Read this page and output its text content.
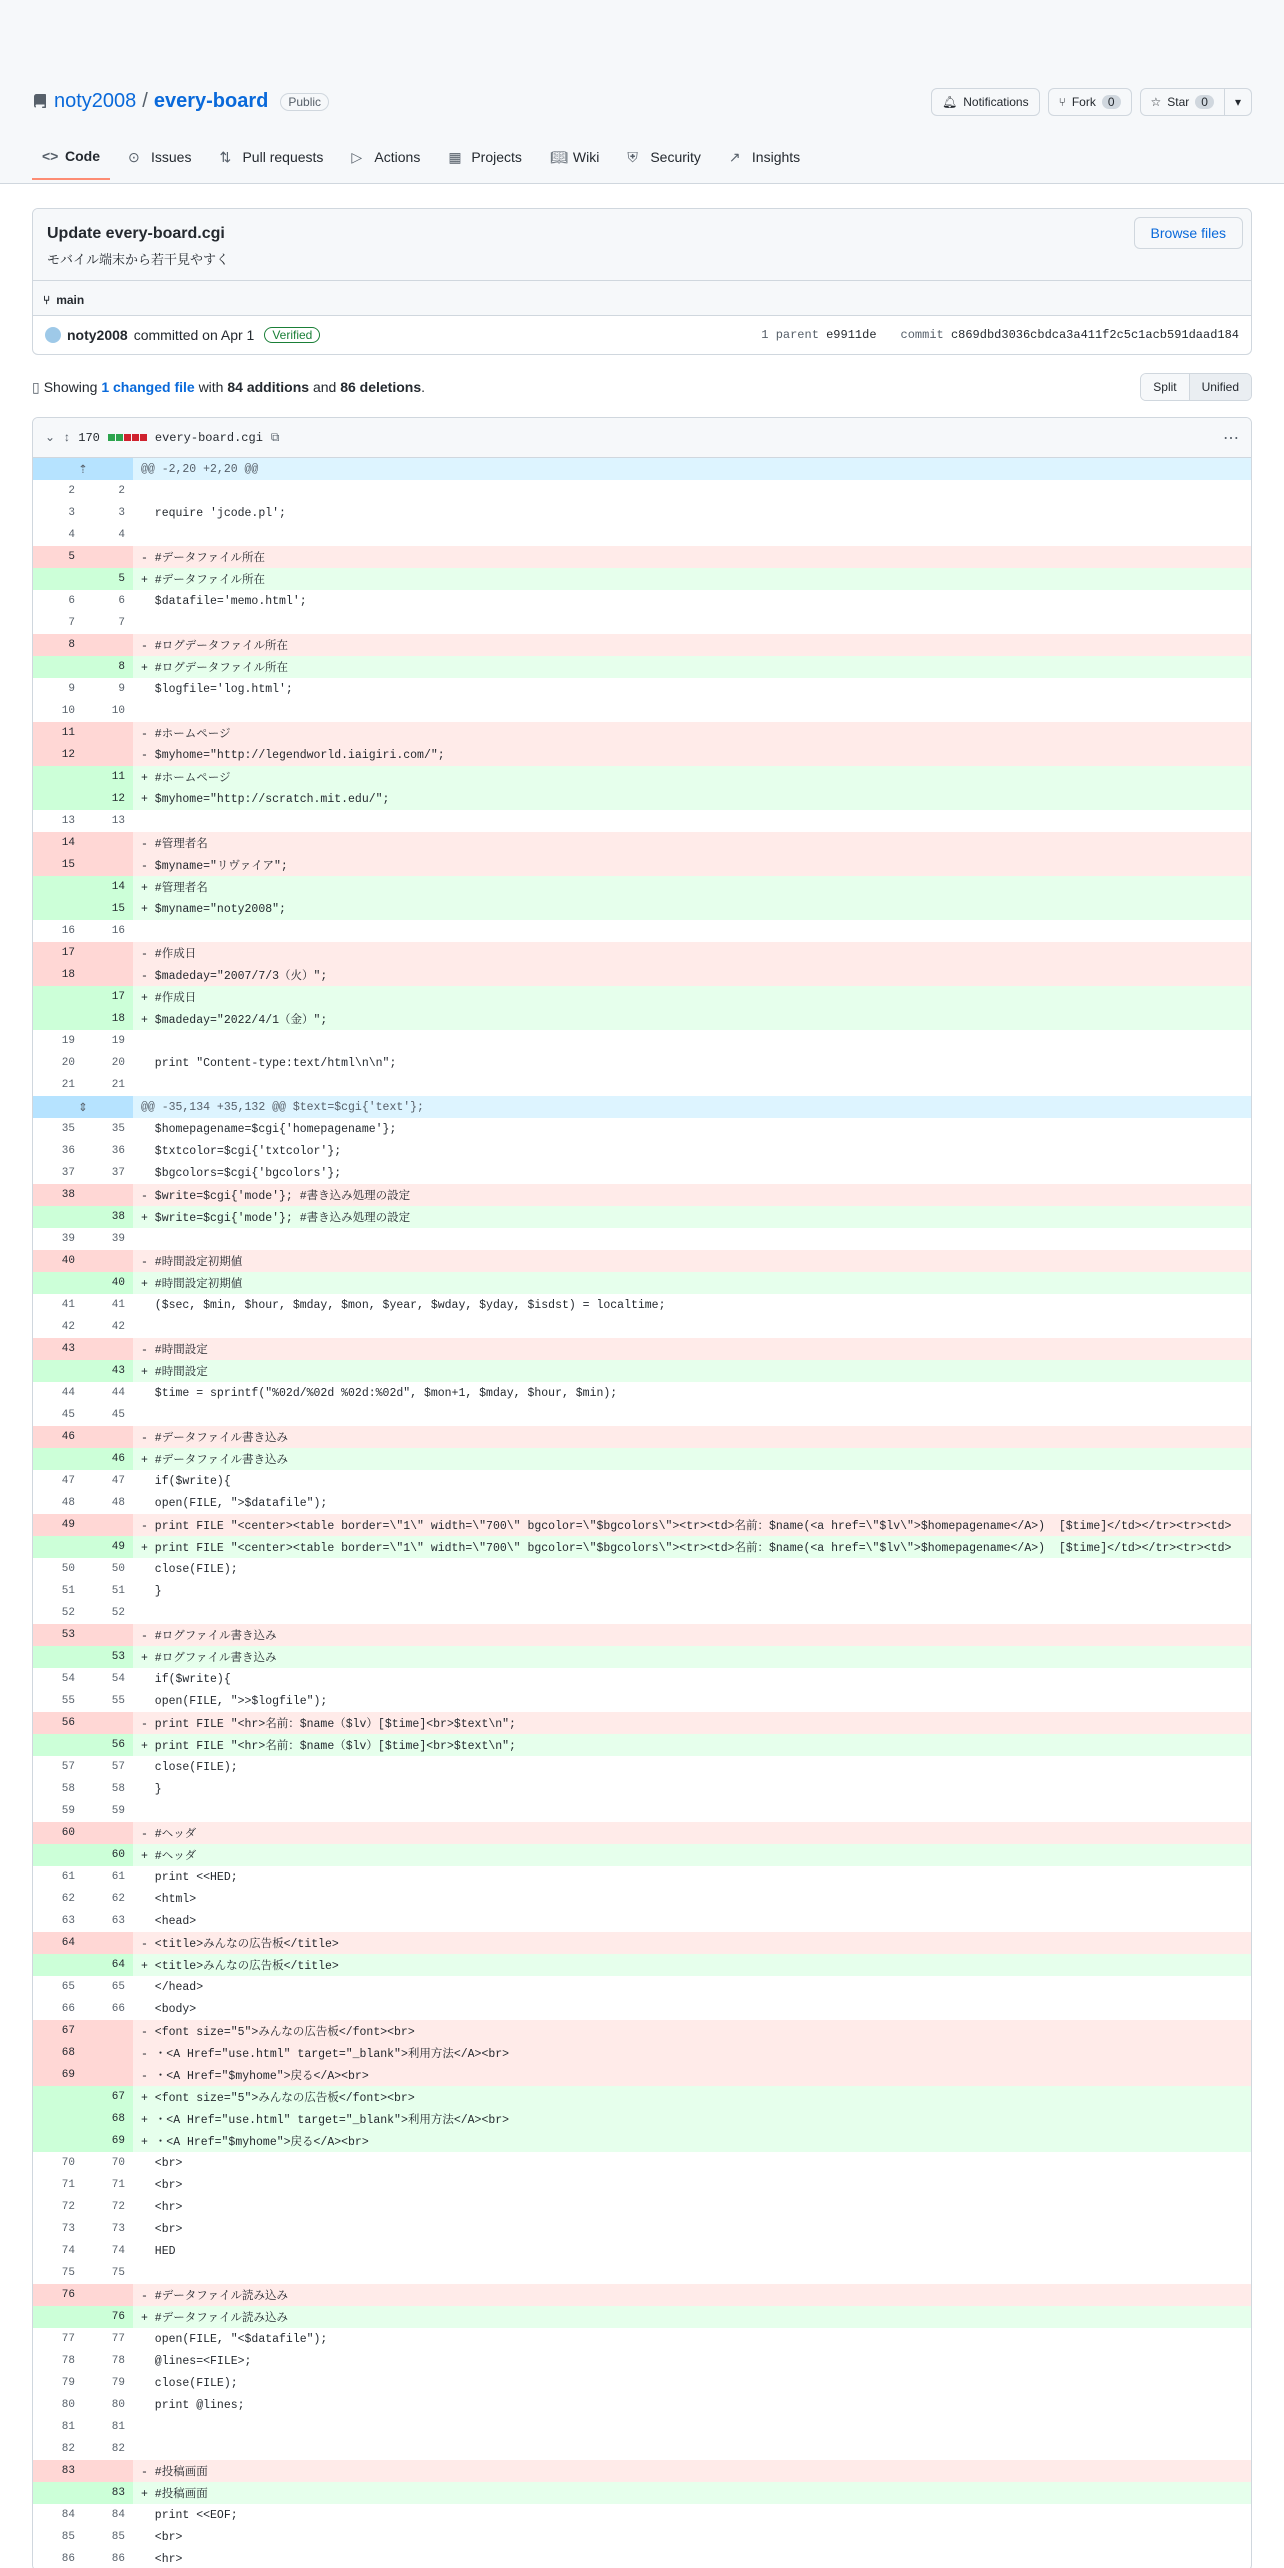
noty2008 / every-board	Public	🔔︎ Notifications	⑂ Fork	0	☆ Star	0	▾
<> Code ⊙ Issues ⇅ Pull requests ▷ Actions ▦ Projects 📖︎ Wiki ⛨ Security ↗ Insights
Update every-board.cgi
モバイル端末から若干見やすく
Browse files
⑂ main
noty2008 committed on Apr 1	Verified	1 parent e9911de commit c869dbd3036cbdca3a411f2c5c1acb591daad184
▯ Showing
1 changed file
with
84 additions
and
86 deletions .	Split	Unified
⌄ ↕ 170	every-board.cgi ⧉	⋯
⇡		@@ -2,20 +2,20 @@
2	2	
3	3	require 'jcode.pl';
4	4	
5		- #データファイル所在
	5	+ #データファイル所在
6	6	$datafile='memo.html';
7	7	
8		- #ログデータファイル所在
	8	+ #ログデータファイル所在
9	9	$logfile='log.html';
10	10	
11		- #ホームページ
12		- $myhome="http://legendworld.iaigiri.com/";
	11	+ #ホームページ
	12	+ $myhome="http://scratch.mit.edu/";
13	13	
14		- #管理者名
15		- $myname="リヴァイア";
	14	+ #管理者名
	15	+ $myname="noty2008";
16	16	
17		- #作成日
18		- $madeday="2007/7/3（火）";
	17	+ #作成日
	18	+ $madeday="2022/4/1（金）";
19	19	
20	20	print "Content-type:text/html\n\n";
21	21	
⇕		@@ -35,134 +35,132 @@ $text=$cgi{'text'};
35	35	$homepagename=$cgi{'homepagename'};
36	36	$txtcolor=$cgi{'txtcolor'};
37	37	$bgcolors=$cgi{'bgcolors'};
38		- $write=$cgi{'mode'}; #書き込み処理の設定
	38	+ $write=$cgi{'mode'}; #書き込み処理の設定
39	39	
40		- #時間設定初期値
	40	+ #時間設定初期値
41	41	($sec, $min, $hour, $mday, $mon, $year, $wday, $yday, $isdst) = localtime;
42	42	
43		- #時間設定
	43	+ #時間設定
44	44	$time = sprintf("%02d/%02d %02d:%02d", $mon+1, $mday, $hour, $min);
45	45	
46		- #データファイル書き込み
	46	+ #データファイル書き込み
47	47	if($write){
48	48	open(FILE, ">$datafile");
49		- print FILE "<center><table border=\"1\" width=\"700\" bgcolor=\"$bgcolors\"><tr><td>名前：$name(<a href=\"$lv\">$homepagename</A>)  [$time]</td></tr><tr><td>
	49	+ print FILE "<center><table border=\"1\" width=\"700\" bgcolor=\"$bgcolors\"><tr><td>名前：$name(<a href=\"$lv\">$homepagename</A>)  [$time]</td></tr><tr><td>
50	50	close(FILE);
51	51	}
52	52	
53		- #ログファイル書き込み
	53	+ #ログファイル書き込み
54	54	if($write){
55	55	open(FILE, ">>$logfile");
56		- print FILE "<hr>名前：$name（$lv）[$time]<br>$text\n";
	56	+ print FILE "<hr>名前：$name（$lv）[$time]<br>$text\n";
57	57	close(FILE);
58	58	}
59	59	
60		- #ヘッダ
	60	+ #ヘッダ
61	61	print <<HED;
62	62	<html>
63	63	<head>
64		- <title>みんなの広告板</title>
	64	+ <title>みんなの広告板</title>
65	65	</head>
66	66	<body>
67		- <font size="5">みんなの広告板</font><br>
68		- ・<A Href="use.html" target="_blank">利用方法</A><br>
69		- ・<A Href="$myhome">戻る</A><br>
	67	+ <font size="5">みんなの広告板</font><br>
	68	+ ・<A Href="use.html" target="_blank">利用方法</A><br>
	69	+ ・<A Href="$myhome">戻る</A><br>
70	70	<br>
71	71	<br>
72	72	<hr>
73	73	<br>
74	74	HED
75	75	
76		- #データファイル読み込み
	76	+ #データファイル読み込み
77	77	open(FILE, "<$datafile");
78	78	@lines=<FILE>;
79	79	close(FILE);
80	80	print @lines;
81	81	
82	82	
83		- #投稿画面
	83	+ #投稿画面
84	84	print <<EOF;
85	85	<br>
86	86	<hr>
